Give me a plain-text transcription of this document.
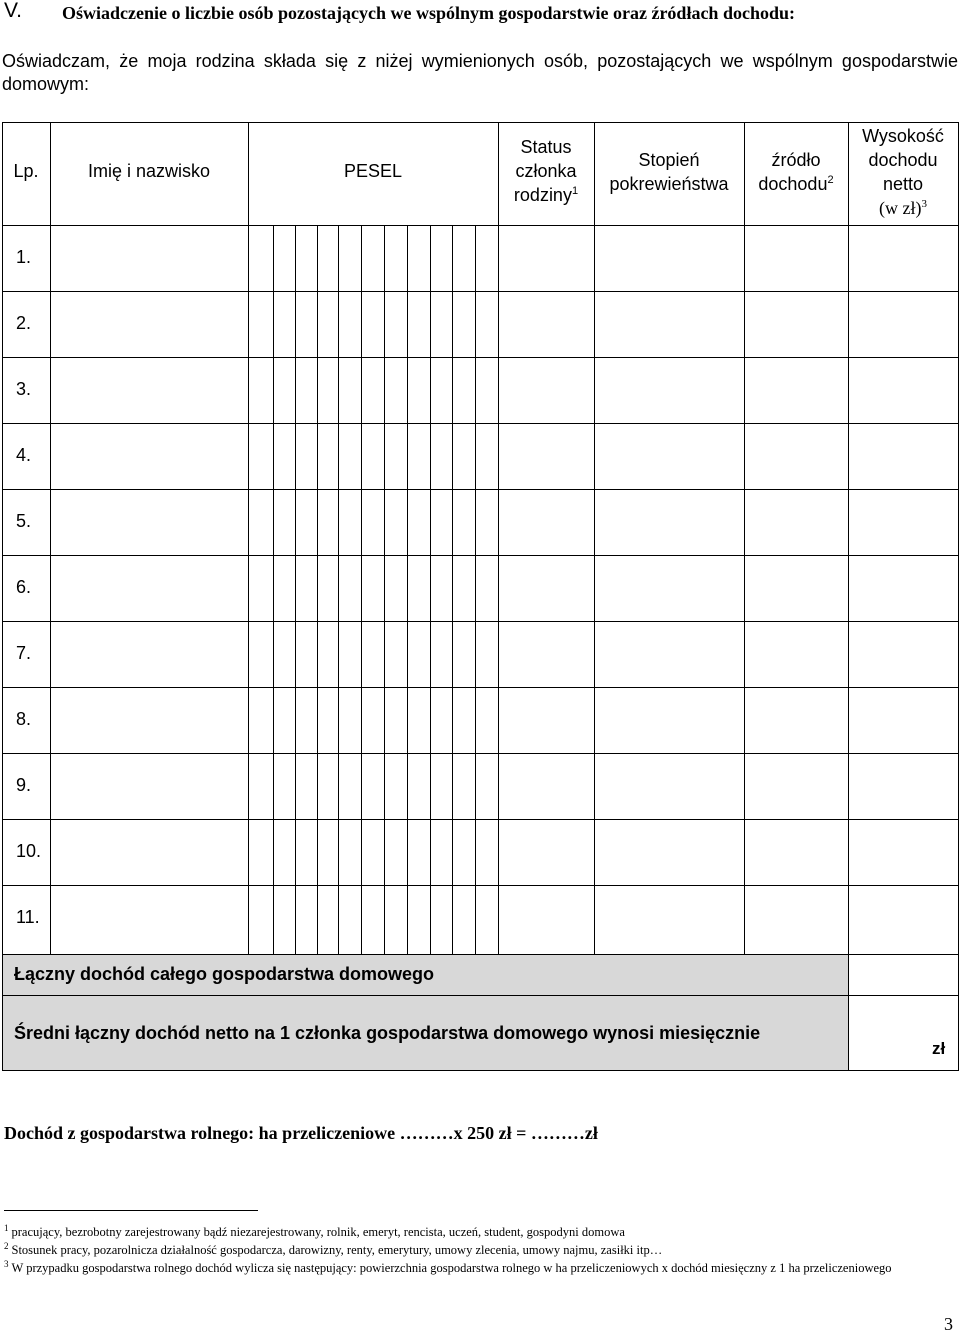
V. Oświadczenie o liczbie osób pozostających we wspólnym gospodarstwie oraz źródłach dochodu:
Oświadczam, że moja rodzina składa się z niżej wymienionych osób, pozostających we wspólnym gospodarstwie domowym:
Lp.	Imię i nazwisko	PESEL
Status
członka
rodziny$^1$
Stopień
pokrewieństwa
źródło
dochodu$^2$
Wysokość
dochodu
netto
(w zł)$^3$
1.
2.
3.
4.
5.
6.
7.
8.
9.
10.
11.
Łączny dochód całego gospodarstwa domowego
Średni łączny dochód netto na 1 członka gospodarstwa domowego wynosi miesięcznie
zł
Dochód z gospodarstwa rolnego: ha przeliczeniowe ………x 250 zł = ………zł
$^1$ pracujący, bezrobotny zarejestrowany bądź niezarejestrowany, rolnik, emeryt, rencista, uczeń, student, gospodyni domowa
$^2$ Stosunek pracy, pozarolnicza działalność gospodarcza, darowizny, renty, emerytury, umowy zlecenia, umowy najmu, zasiłki itp…
$^3$ W przypadku gospodarstwa rolnego dochód wylicza się następujący: powierzchnia gospodarstwa rolnego w ha przeliczeniowych x dochód miesięczny z 1 ha przeliczeniowego
3
